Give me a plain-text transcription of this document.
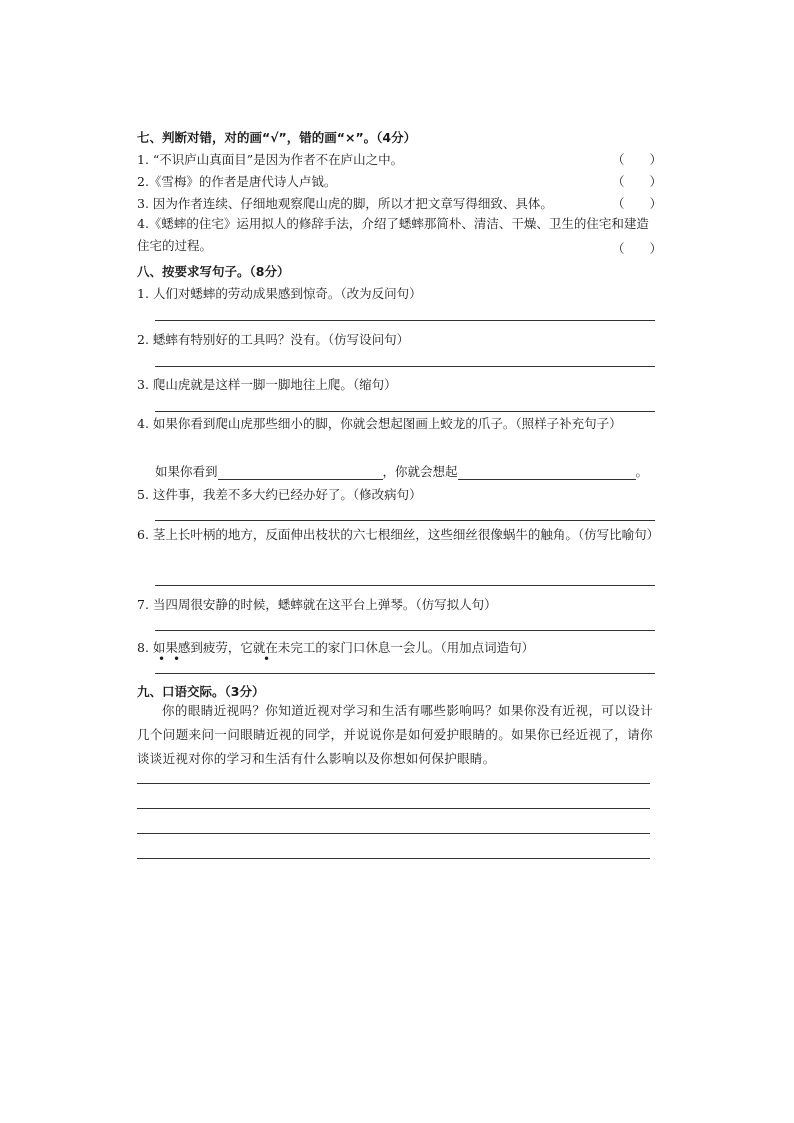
七、判断对错，对的画“√”，错的画“×”。（4分）
1. “不识庐山真面目”是因为作者不在庐山之中。	（　　）
2.《雪梅》的作者是唐代诗人卢钺。	（　　）
3. 因为作者连续、仔细地观察爬山虎的脚，所以才把文章写得细致、具体。	（　　）
4.《蟋蟀的住宅》运用拟人的修辞手法，介绍了蟋蟀那简朴、清洁、干燥、卫生的住宅和建造住宅的过程。	（　　）
八、按要求写句子。（8分）
1. 人们对蟋蟀的劳动成果感到惊奇。（改为反问句）
2. 蟋蟀有特别好的工具吗？没有。（仿写设问句）
3. 爬山虎就是这样一脚一脚地往上爬。（缩句）
4. 如果你看到爬山虎那些细小的脚，你就会想起图画上蛟龙的爪子。（照样子补充句子）
如果你看到	，你就会想起	。
5. 这件事，我差不多大约已经办好了。（修改病句）
6. 茎上长叶柄的地方，反面伸出枝状的六七根细丝，这些细丝很像蜗牛的触角。（仿写比喻句）
7. 当四周很安静的时候，蟋蟀就在这平台上弹琴。（仿写拟人句）
8. 如果感到疲劳，它就在未完工的家门口休息一会儿。（用加点词造句）
• •	•
九、口语交际。（3分）
你的眼睛近视吗？你知道近视对学习和生活有哪些影响吗？如果你没有近视，可以设计几个问题来问一问眼睛近视的同学，并说说你是如何爱护眼睛的。如果你已经近视了，请你谈谈近视对你的学习和生活有什么影响以及你想如何保护眼睛。
